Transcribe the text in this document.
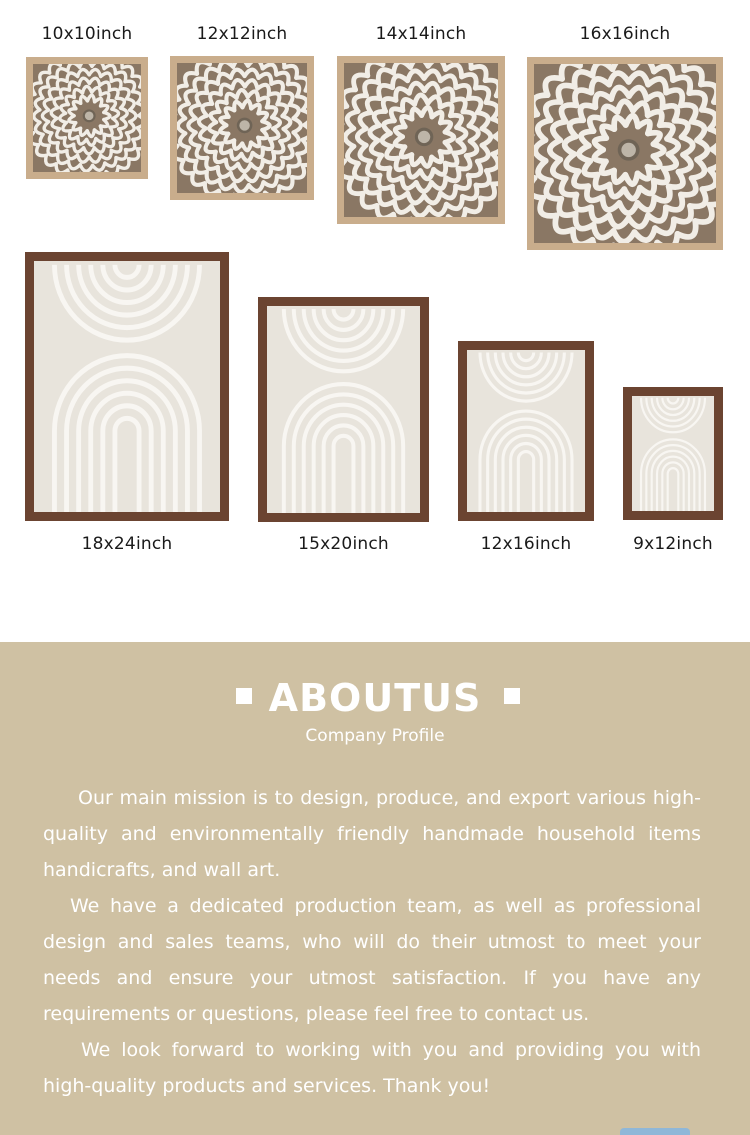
10x10inch	12x12inch	14x14inch	16x16inch
18x24inch	15x20inch	12x16inch	9x12inch
ABOUTUS
Company Profile
Our main mission is to design, produce, and export various high-quality and environmentally friendly handmade household items handicrafts, and wall art.
We have a dedicated production team, as well as professional design and sales teams, who will do their utmost to meet your needs and ensure your utmost satisfaction. If you have any requirements or questions, please feel free to contact us.
We look forward to working with you and providing you with high-quality products and services. Thank you!
